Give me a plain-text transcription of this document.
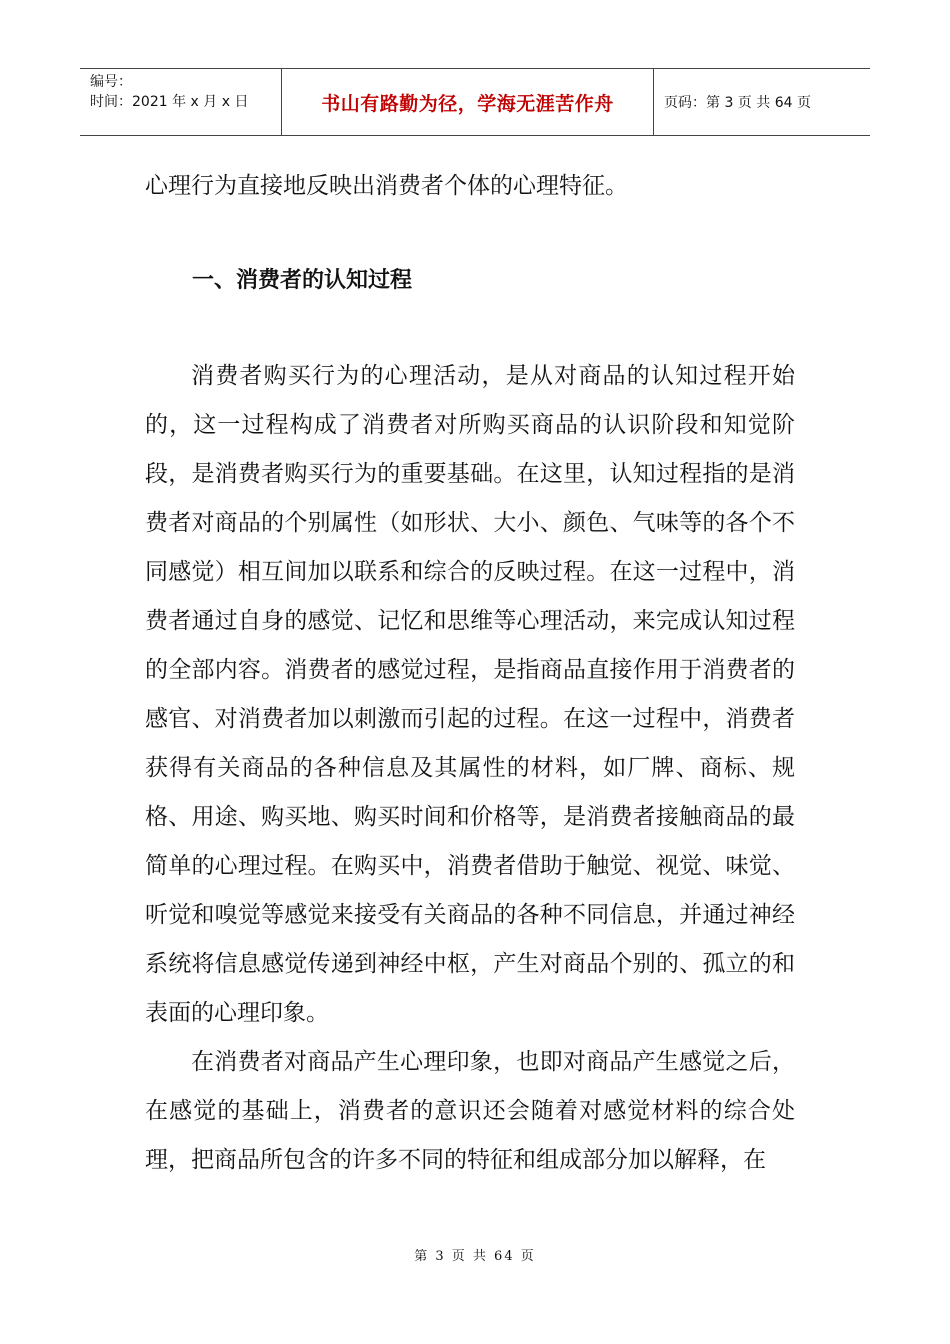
编号：
时间：2021 年 x 月 x 日	书山有路勤为径，学海无涯苦作舟	页码：第 3 页 共 64 页

心理行为直接地反映出消费者个体的心理特征。

一、消费者的认知过程

消费者购买行为的心理活动，是从对商品的认知过程开始的，这一过程构成了消费者对所购买商品的认识阶段和知觉阶段，是消费者购买行为的重要基础。在这里，认知过程指的是消费者对商品的个别属性（如形状、大小、颜色、气味等的各个不同感觉）相互间加以联系和综合的反映过程。在这一过程中，消费者通过自身的感觉、记忆和思维等心理活动，来完成认知过程的全部内容。消费者的感觉过程，是指商品直接作用于消费者的感官、对消费者加以刺激而引起的过程。在这一过程中，消费者获得有关商品的各种信息及其属性的材料，如厂牌、商标、规格、用途、购买地、购买时间和价格等，是消费者接触商品的最简单的心理过程。在购买中，消费者借助于触觉、视觉、味觉、听觉和嗅觉等感觉来接受有关商品的各种不同信息，并通过神经系统将信息感觉传递到神经中枢，产生对商品个别的、孤立的和表面的心理印象。

在消费者对商品产生心理印象，也即对商品产生感觉之后，在感觉的基础上，消费者的意识还会随着对感觉材料的综合处理，把商品所包含的许多不同的特征和组成部分加以解释，在

第 3 页 共 64 页
